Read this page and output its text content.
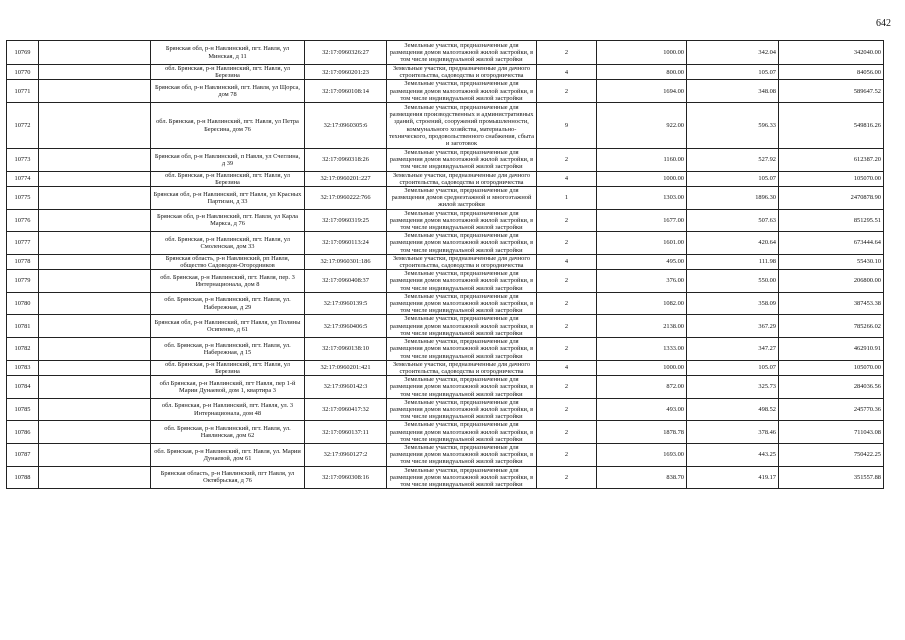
642
10769		Брянская обл, р-н Навлинский, пгт. Навля, ул Минская, д 11	32:17:0960326:27	Земельные участки, предназначенные для размещения домов малоэтажной жилой застройки, в том числе индивидуальной жилой застройки	2	1000.00	342.04	342040.00
10770		обл. Брянская, р-н Навлинский, пгт. Навля, ул Березина	32:17:0960201:23	Земельные участки, предназначенные для дачного строительства, садоводства и огородничества	4	800.00	105.07	84056.00
10771		Брянская обл, р-н Навлинский, пгт. Навля, ул Щорса, дом 78	32:17:0960108:14	Земельные участки, предназначенные для размещения домов малоэтажной жилой застройки, в том числе индивидуальной жилой застройки	2	1694.00	348.08	589647.52
10772		обл. Брянская, р-н Навлинский, пгт. Навля, ул Петра Бересина, дом 76	32:17:0960305:6	Земельные участки, предназначенные для размещения производственных и административных зданий, строений, сооружений промышленности, коммунального хозяйства, материально-технического, продовольственного снабжения, сбыта и заготовок	9	922.00	596.33	549816.26
10773		Брянская обл, р-н Навлинский, п Навля, ул Счеглина, д 39	32:17:0960318:26	Земельные участки, предназначенные для размещения домов малоэтажной жилой застройки, в том числе индивидуальной жилой застройки	2	1160.00	527.92	612387.20
10774		обл. Брянская, р-н Навлинский, пгт. Навля, ул Березина	32:17:0960201:227	Земельные участки, предназначенные для дачного строительства, садоводства и огородничества	4	1000.00	105.07	105070.00
10775		Брянская обл, р-н Навлинский, пгт Навля, ул Красных Партизан, д 33	32:17:0960222:766	Земельные участки, предназначенные для размещения домов среднеэтажной и многоэтажной жилой застройки	1	1303.00	1896.30	2470878.90
10776		Брянская обл, р-н Навлинский, пгт. Навля, ул Карла Маркса, д 76	32:17:0960319:25	Земельные участки, предназначенные для размещения домов малоэтажной жилой застройки, в том числе индивидуальной жилой застройки	2	1677.00	507.63	851295.51
10777		обл. Брянская, р-н Навлинский, пгт. Навля, ул Смоленская, дом 33	32:17:0960113:24	Земельные участки, предназначенные для размещения домов малоэтажной жилой застройки, в том числе индивидуальной жилой застройки	2	1601.00	420.64	673444.64
10778		Брянская область, р-н Навлинский, рп Навля, общество Садоводов-Огородников	32:17:0960301:186	Земельные участки, предназначенные для дачного строительства, садоводства и огородничества	4	495.00	111.98	55430.10
10779		обл. Брянская, р-н Навлинский, пгт. Навля, пер. 3 Интернационала, дом 8	32:17:0960408:37	Земельные участки, предназначенные для размещения домов малоэтажной жилой застройки, в том числе индивидуальной жилой застройки	2	376.00	550.00	206800.00
10780		обл. Брянская, р-н Навлинский, пгт. Навля, ул. Набережная, д 29	32:17:0960139:5	Земельные участки, предназначенные для размещения домов малоэтажной жилой застройки, в том числе индивидуальной жилой застройки	2	1082.00	358.09	387453.38
10781		Брянская обл, р-н Навлинский, пгт Навля, ул Полины Осипенко, д 61	32:17:0960406:5	Земельные участки, предназначенные для размещения домов малоэтажной жилой застройки, в том числе индивидуальной жилой застройки	2	2138.00	367.29	785266.02
10782		обл. Брянская, р-н Навлинский, пгт. Навля, ул. Набережная, д 15	32:17:0960138:10	Земельные участки, предназначенные для размещения домов малоэтажной жилой застройки, в том числе индивидуальной жилой застройки	2	1333.00	347.27	462910.91
10783		обл. Брянская, р-н Навлинский, пгт. Навля, ул Березина	32:17:0960201:421	Земельные участки, предназначенные для дачного строительства, садоводства и огородничества	4	1000.00	105.07	105070.00
10784		обл Брянская, р-н Навлинский, пгт Навля, пер 1-й Марии Дунаевой, дом 1, квартира 3	32:17:0960142:3	Земельные участки, предназначенные для размещения домов малоэтажной жилой застройки, в том числе индивидуальной жилой застройки	2	872.00	325.73	284036.56
10785		обл. Брянская, р-н Навлинский, пгт. Навля, ул. 3 Интернационала, дом 48	32:17:0960417:32	Земельные участки, предназначенные для размещения домов малоэтажной жилой застройки, в том числе индивидуальной жилой застройки	2	493.00	498.52	245770.36
10786		обл. Брянская, р-н Навлинский, пгт. Навля, ул. Навлинская, дом 62	32:17:0960137:11	Земельные участки, предназначенные для размещения домов малоэтажной жилой застройки, в том числе индивидуальной жилой застройки	2	1878.78	378.46	711043.08
10787		обл. Брянская, р-н Навлинский, пгт. Навля, ул. Марии Дунаевой, дом 61	32:17:0960127:2	Земельные участки, предназначенные для размещения домов малоэтажной жилой застройки, в том числе индивидуальной жилой застройки	2	1693.00	443.25	750422.25
10788		Брянская область, р-н Навлинский, пгт Навля, ул Октябрьская, д 76	32:17:0960308:16	Земельные участки, предназначенные для размещения домов малоэтажной жилой застройки, в том числе индивидуальной жилой застройки	2	838.70	419.17	351557.88
